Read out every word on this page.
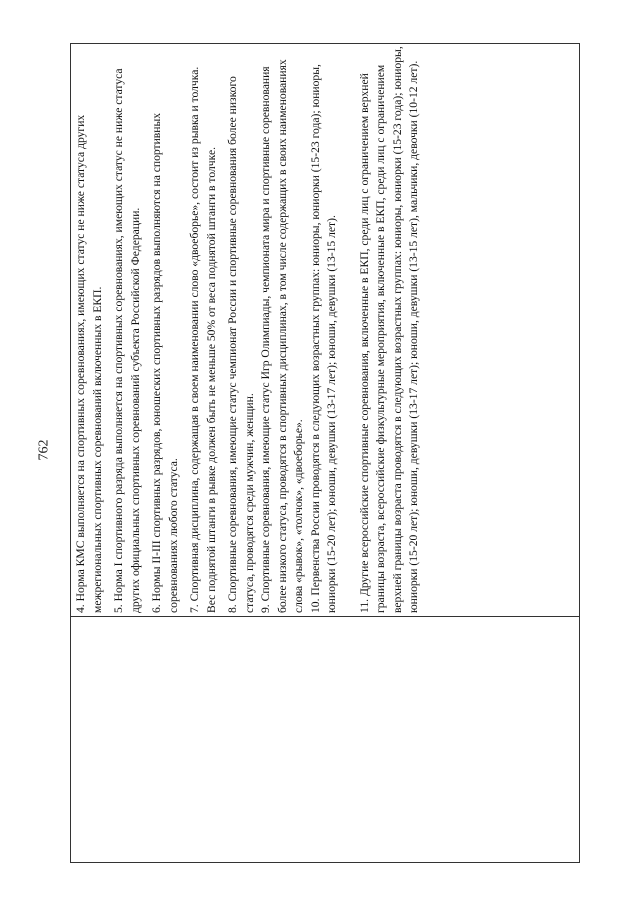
762 4. Норма КМС выполняется на спортивных соревнованиях, имеющих статус не ниже статуса других межрегиональных спортивных соревнований включенных в ЕКП. 5. Норма I спортивного разряда выполняется на спортивных соревнованиях, имеющих статус не ниже статуса других официальных спортивных соревнований субъекта Российской Федерации. 6. Нормы II-III спортивных разрядов, юношеских спортивных разрядов выполняются на спортивных соревнованиях любого статуса. 7. Спортивная дисциплина, содержащая в своем наименовании слово «двоеборье», состоит из рывка и толчка. Вес поднятой штанги в рывке должен быть не меньше 50% от веса поднятой штанги в толчке. 8. Спортивные соревнования, имеющие статус чемпионат России и спортивные соревнования более низкого статуса, проводятся среди мужчин, женщин. 9. Спортивные соревнования, имеющие статус Игр Олимпиады, чемпионата мира и спортивные соревнования более низкого статуса, проводятся в спортивных дисциплинах, в том числе содержащих в своих наименованиях слова «рывок», «толчок», «двоеборье». 10. Первенства России проводятся в следующих возрастных группах: юниоры, юниорки (15-23 года); юниоры, юниорки (15-20 лет); юноши, девушки (13-17 лет); юноши, девушки (13-15 лет). 11. Другие всероссийские спортивные соревнования, включенные в ЕКП, среди лиц с ограничением верхней границы возраста, всероссийские физкультурные мероприятия, включенные в ЕКП, среди лиц с ограничением верхней границы возраста проводятся в следующих возрастных группах: юниоры, юниорки (15-23 года); юниоры, юниорки (15-20 лет); юноши, девушки (13-17 лет); юноши, девушки (13-15 лет), мальчики, девочки (10-12 лет).
